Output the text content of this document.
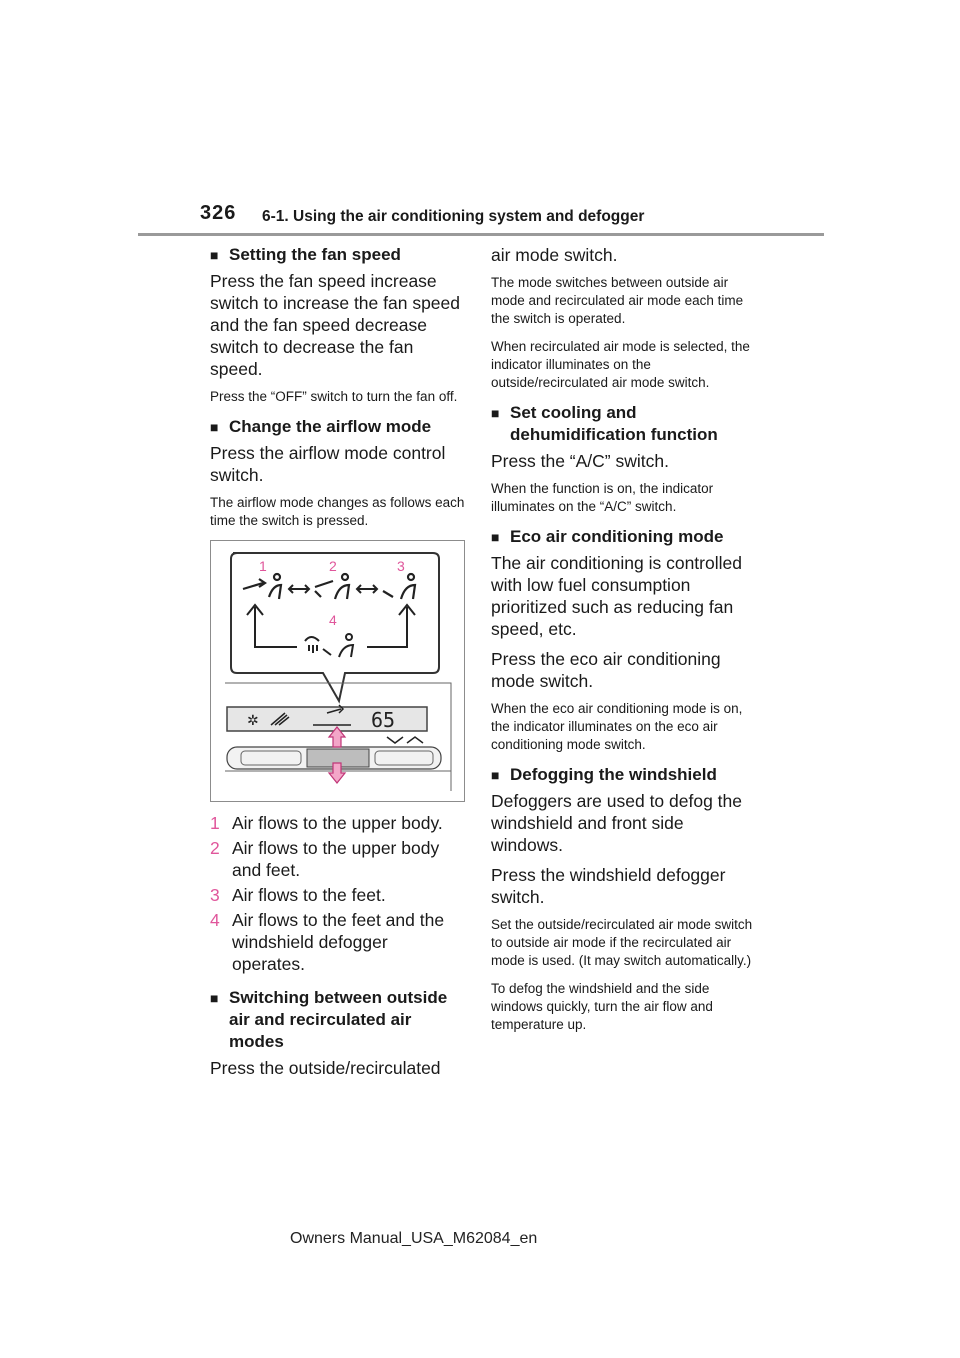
326 6-1. Using the air conditioning system and defogger
■ Setting the fan speed

Press the fan speed increase switch to increase the fan speed and the fan speed decrease switch to decrease the fan speed.

Press the “OFF” switch to turn the fan off.

■ Change the airflow mode

Press the airflow mode control switch.

The airflow mode changes as follows each time the switch is pressed.

1	2	3
4
✲	65
1 Air flows to the upper body.
2 Air flows to the upper body and feet.
3 Air flows to the feet.
4 Air flows to the feet and the windshield defogger operates.
■ Switching between outside air and recirculated air modes

Press the outside/recirculated

air mode switch.

The mode switches between outside air mode and recirculated air mode each time the switch is operated.

When recirculated air mode is selected, the indicator illuminates on the outside/recirculated air mode switch.

■ Set cooling and dehumidification function

Press the “A/C” switch.

When the function is on, the indicator illuminates on the “A/C” switch.

■ Eco air conditioning mode

The air conditioning is controlled with low fuel consumption prioritized such as reducing fan speed, etc.

Press the eco air conditioning mode switch.

When the eco air conditioning mode is on, the indicator illuminates on the eco air conditioning mode switch.

■ Defogging the windshield

Defoggers are used to defog the windshield and front side windows.

Press the windshield defogger switch.

Set the outside/recirculated air mode switch to outside air mode if the recirculated air mode is used. (It may switch automatically.)

To defog the windshield and the side windows quickly, turn the air flow and temperature up.

Owners Manual_USA_M62084_en
